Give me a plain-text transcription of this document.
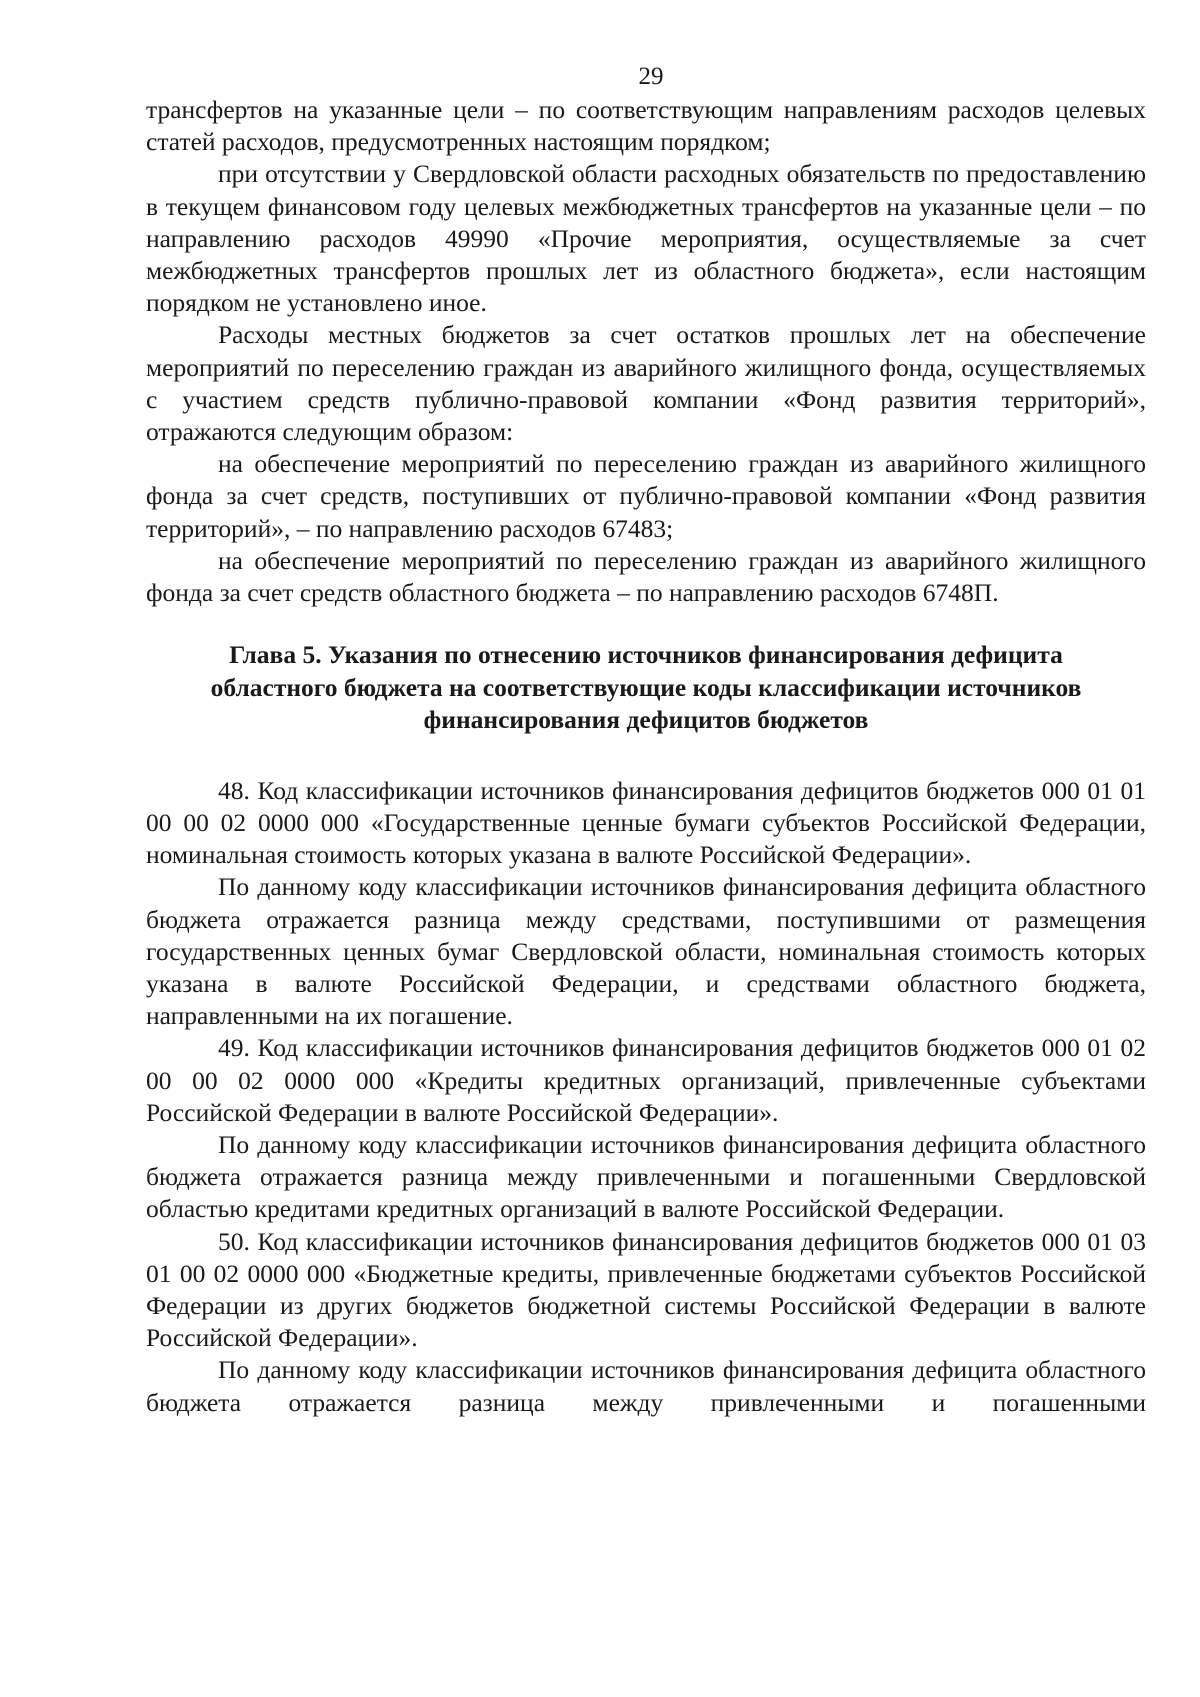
29

трансфертов на указанные цели – по соответствующим направлениям расходов целевых статей расходов, предусмотренных настоящим порядком;

при отсутствии у Свердловской области расходных обязательств по предоставлению в текущем финансовом году целевых межбюджетных трансфертов на указанные цели – по направлению расходов 49990 «Прочие мероприятия, осуществляемые за счет межбюджетных трансфертов прошлых лет из областного бюджета», если настоящим порядком не установлено иное.

Расходы местных бюджетов за счет остатков прошлых лет на обеспечение мероприятий по переселению граждан из аварийного жилищного фонда, осуществляемых с участием средств публично-правовой компании «Фонд развития территорий», отражаются следующим образом:

на обеспечение мероприятий по переселению граждан из аварийного жилищного фонда за счет средств, поступивших от публично-правовой компании «Фонд развития территорий», – по направлению расходов 67483;

на обеспечение мероприятий по переселению граждан из аварийного жилищного фонда за счет средств областного бюджета – по направлению расходов 6748П.

Глава 5. Указания по отнесению источников финансирования дефицита

областного бюджета на соответствующие коды классификации источников

финансирования дефицитов бюджетов

48. Код классификации источников финансирования дефицитов бюджетов 000 01 01 00 00 02 0000 000 «Государственные ценные бумаги субъектов Российской Федерации, номинальная стоимость которых указана в валюте Российской Федерации».

По данному коду классификации источников финансирования дефицита областного бюджета отражается разница между средствами, поступившими от размещения государственных ценных бумаг Свердловской области, номинальная стоимость которых указана в валюте Российской Федерации, и средствами областного бюджета, направленными на их погашение.

49. Код классификации источников финансирования дефицитов бюджетов 000 01 02 00 00 02 0000 000 «Кредиты кредитных организаций, привлеченные субъектами Российской Федерации в валюте Российской Федерации».

По данному коду классификации источников финансирования дефицита областного бюджета отражается разница между привлеченными и погашенными Свердловской областью кредитами кредитных организаций в валюте Российской Федерации.

50. Код классификации источников финансирования дефицитов бюджетов 000 01 03 01 00 02 0000 000 «Бюджетные кредиты, привлеченные бюджетами субъектов Российской Федерации из других бюджетов бюджетной системы Российской Федерации в валюте Российской Федерации».

По данному коду классификации источников финансирования дефицита областного бюджета отражается разница между привлеченными и погашенными
